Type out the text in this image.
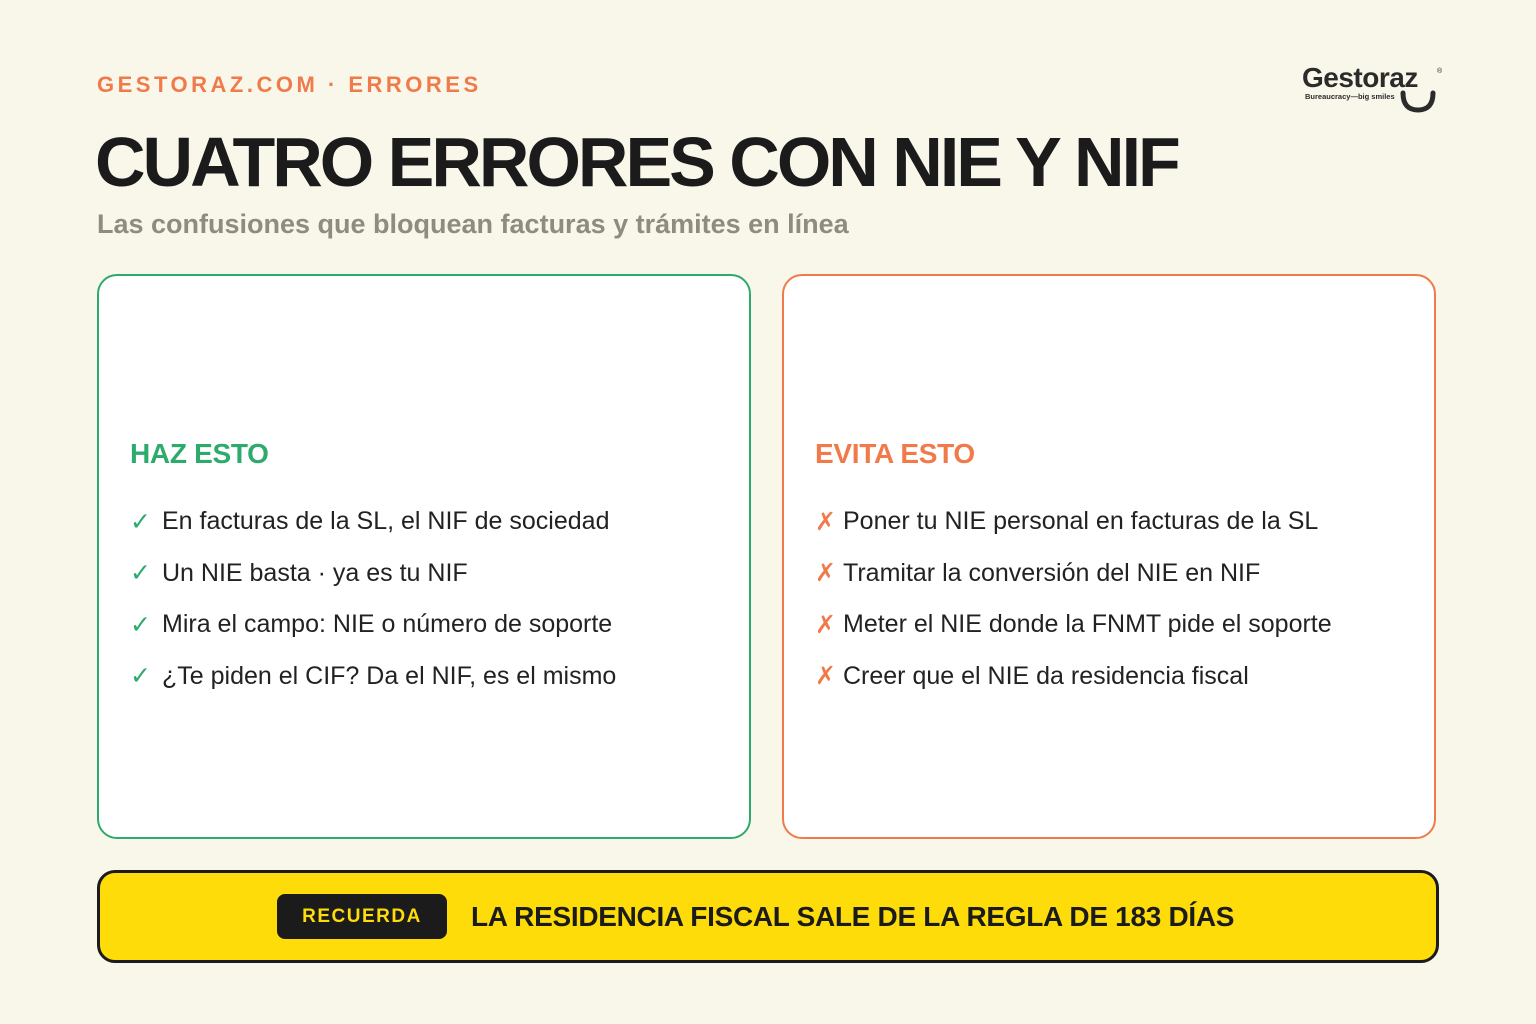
GESTORAZ.COM · ERRORES	Gestoraz	®
Bureaucracy—big smiles
CUATRO ERRORES CON NIE Y NIF
Las confusiones que bloquean facturas y trámites en línea
HAZ ESTO
✓ En facturas de la SL, el NIF de sociedad
✓ Un NIE basta · ya es tu NIF
✓ Mira el campo: NIE o número de soporte
✓ ¿Te piden el CIF? Da el NIF, es el mismo
EVITA ESTO
✗ Poner tu NIE personal en facturas de la SL
✗ Tramitar la conversión del NIE en NIF
✗ Meter el NIE donde la FNMT pide el soporte
✗ Creer que el NIE da residencia fiscal
RECUERDA	LA RESIDENCIA FISCAL SALE DE LA REGLA DE 183 DÍAS
